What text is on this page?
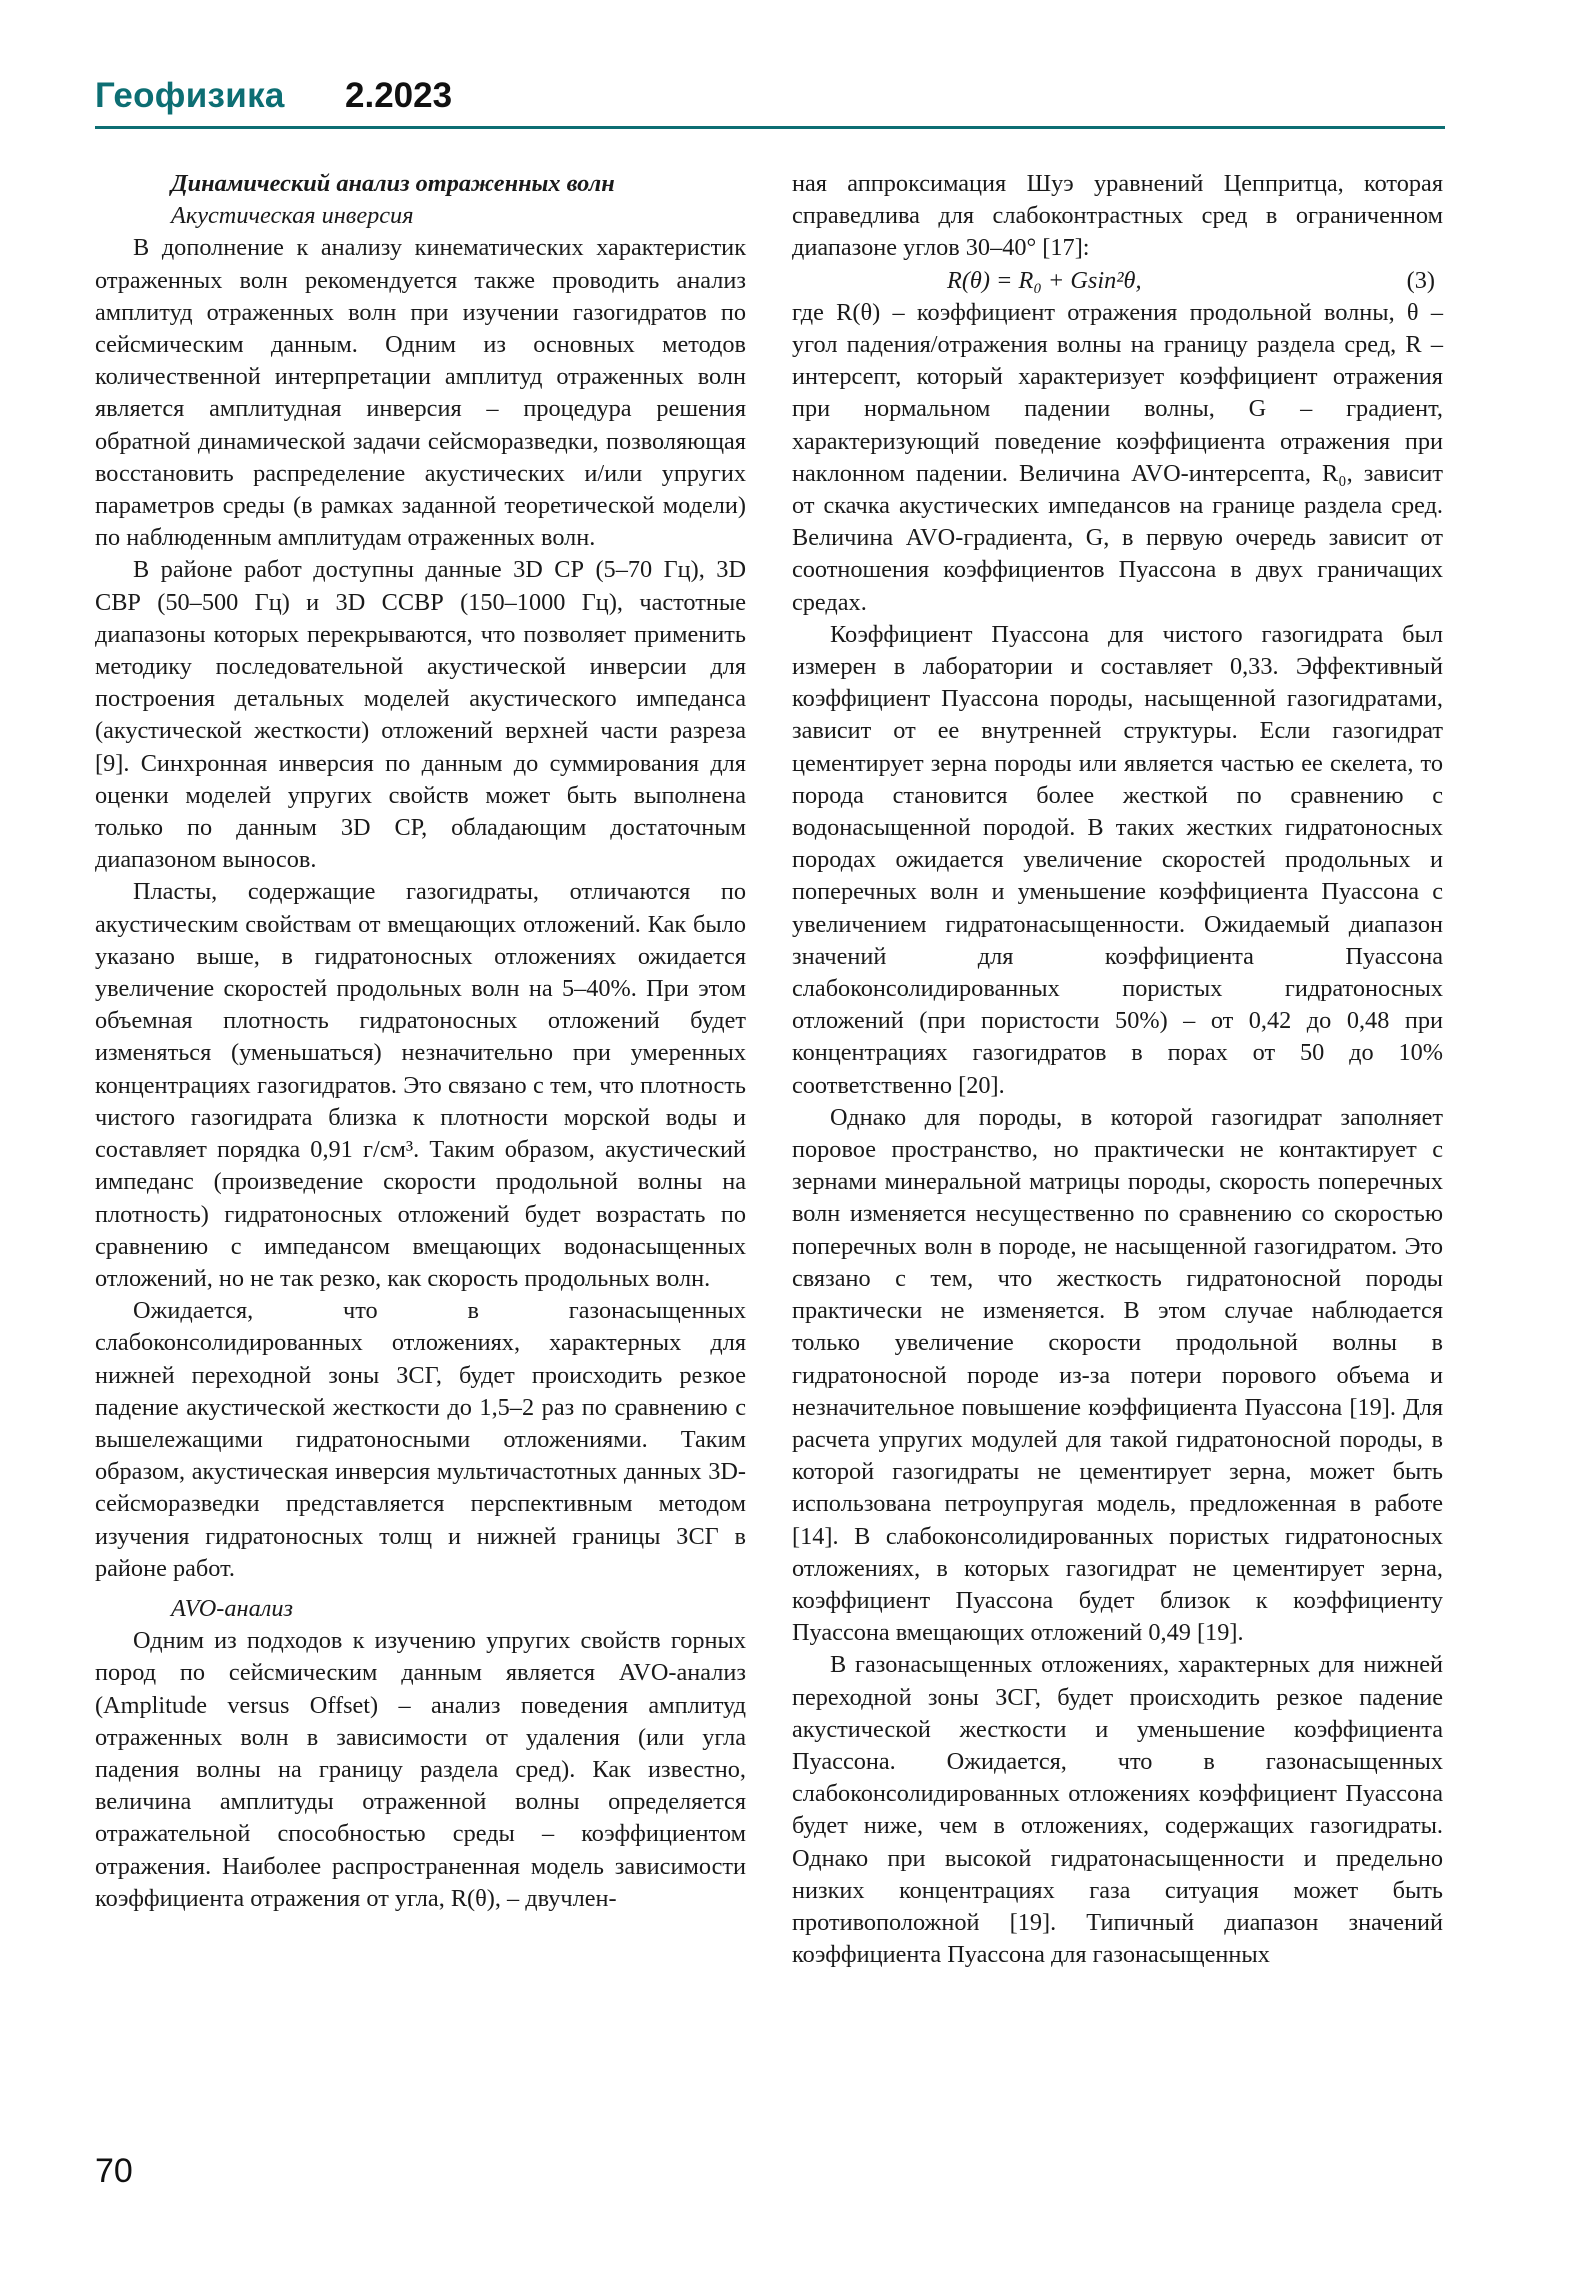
Геофизика 2.2023

Динамический анализ отраженных волн

Акустическая инверсия

В дополнение к анализу кинематических характеристик отраженных волн рекомендуется также проводить анализ амплитуд отраженных волн при изучении газогидратов по сейсмическим данным. Одним из основных методов количественной интерпретации амплитуд отраженных волн является амплитудная инверсия – процедура решения обратной динамической задачи сейсморазведки, позволяющая восстановить распределение акустических и/или упругих параметров среды (в рамках заданной теоретической модели) по наблюденным амплитудам отраженных волн.

В районе работ доступны данные 3D СР (5–70 Гц), 3D СВР (50–500 Гц) и 3D ССВР (150–1000 Гц), частотные диапазоны которых перекрываются, что позволяет применить методику последовательной акустической инверсии для построения детальных моделей акустического импеданса (акустической жесткости) отложений верхней части разреза [9]. Синхронная инверсия по данным до суммирования для оценки моделей упругих свойств может быть выполнена только по данным 3D СР, обладающим достаточным диапазоном выносов.

Пласты, содержащие газогидраты, отличаются по акустическим свойствам от вмещающих отложений. Как было указано выше, в гидратоносных отложениях ожидается увеличение скоростей продольных волн на 5–40%. При этом объемная плотность гидратоносных отложений будет изменяться (уменьшаться) незначительно при умеренных концентрациях газогидратов. Это связано с тем, что плотность чистого газогидрата близка к плотности морской воды и составляет порядка 0,91 г/см³. Таким образом, акустический импеданс (произведение скорости продольной волны на плотность) гидратоносных отложений будет возрастать по сравнению с импедансом вмещающих водонасыщенных отложений, но не так резко, как скорость продольных волн.

Ожидается, что в газонасыщенных слабоконсолидированных отложениях, характерных для нижней переходной зоны ЗСГ, будет происходить резкое падение акустической жесткости до 1,5–2 раз по сравнению с вышележащими гидратоносными отложениями. Таким образом, акустическая инверсия мультичастотных данных 3D-сейсморазведки представляется перспективным методом изучения гидратоносных толщ и нижней границы ЗСГ в районе работ.

AVO-анализ

Одним из подходов к изучению упругих свойств горных пород по сейсмическим данным является AVO-анализ (Amplitude versus Offset) – анализ поведения амплитуд отраженных волн в зависимости от удаления (или угла падения волны на границу раздела сред). Как известно, величина амплитуды отраженной волны определяется отражательной способностью среды – коэффициентом отражения. Наиболее распространенная модель зависимости коэффициента отражения от угла, R(θ), – двучлен-

ная аппроксимация Шуэ уравнений Цеппритца, которая справедлива для слабоконтрастных сред в ограниченном диапазоне углов 30–40° [17]:

R(θ) = R₀ + Gsin²θ,	(3)

где R(θ) – коэффициент отражения продольной волны, θ – угол падения/отражения волны на границу раздела сред, R – интерсепт, который характеризует коэффициент отражения при нормальном падении волны, G – градиент, характеризующий поведение коэффициента отражения при наклонном падении. Величина AVO-интерсепта, R₀, зависит от скачка акустических импедансов на границе раздела сред. Величина AVO-градиента, G, в первую очередь зависит от соотношения коэффициентов Пуассона в двух граничащих средах.

Коэффициент Пуассона для чистого газогидрата был измерен в лаборатории и составляет 0,33. Эффективный коэффициент Пуассона породы, насыщенной газогидратами, зависит от ее внутренней структуры. Если газогидрат цементирует зерна породы или является частью ее скелета, то порода становится более жесткой по сравнению с водонасыщенной породой. В таких жестких гидратоносных породах ожидается увеличение скоростей продольных и поперечных волн и уменьшение коэффициента Пуассона с увеличением гидратонасыщенности. Ожидаемый диапазон значений для коэффициента Пуассона слабоконсолидированных пористых гидратоносных отложений (при пористости 50%) – от 0,42 до 0,48 при концентрациях газогидратов в порах от 50 до 10% соответственно [20].

Однако для породы, в которой газогидрат заполняет поровое пространство, но практически не контактирует с зернами минеральной матрицы породы, скорость поперечных волн изменяется несущественно по сравнению со скоростью поперечных волн в породе, не насыщенной газогидратом. Это связано с тем, что жесткость гидратоносной породы практически не изменяется. В этом случае наблюдается только увеличение скорости продольной волны в гидратоносной породе из-за потери порового объема и незначительное повышение коэффициента Пуассона [19]. Для расчета упругих модулей для такой гидратоносной породы, в которой газогидраты не цементирует зерна, может быть использована петроупругая модель, предложенная в работе [14]. В слабоконсолидированных пористых гидратоносных отложениях, в которых газогидрат не цементирует зерна, коэффициент Пуассона будет близок к коэффициенту Пуассона вмещающих отложений 0,49 [19].

В газонасыщенных отложениях, характерных для нижней переходной зоны ЗСГ, будет происходить резкое падение акустической жесткости и уменьшение коэффициента Пуассона. Ожидается, что в газонасыщенных слабоконсолидированных отложениях коэффициент Пуассона будет ниже, чем в отложениях, содержащих газогидраты. Однако при высокой гидратонасыщенности и предельно низких концентрациях газа ситуация может быть противоположной [19]. Типичный диапазон значений коэффициента Пуассона для газонасыщенных

70
